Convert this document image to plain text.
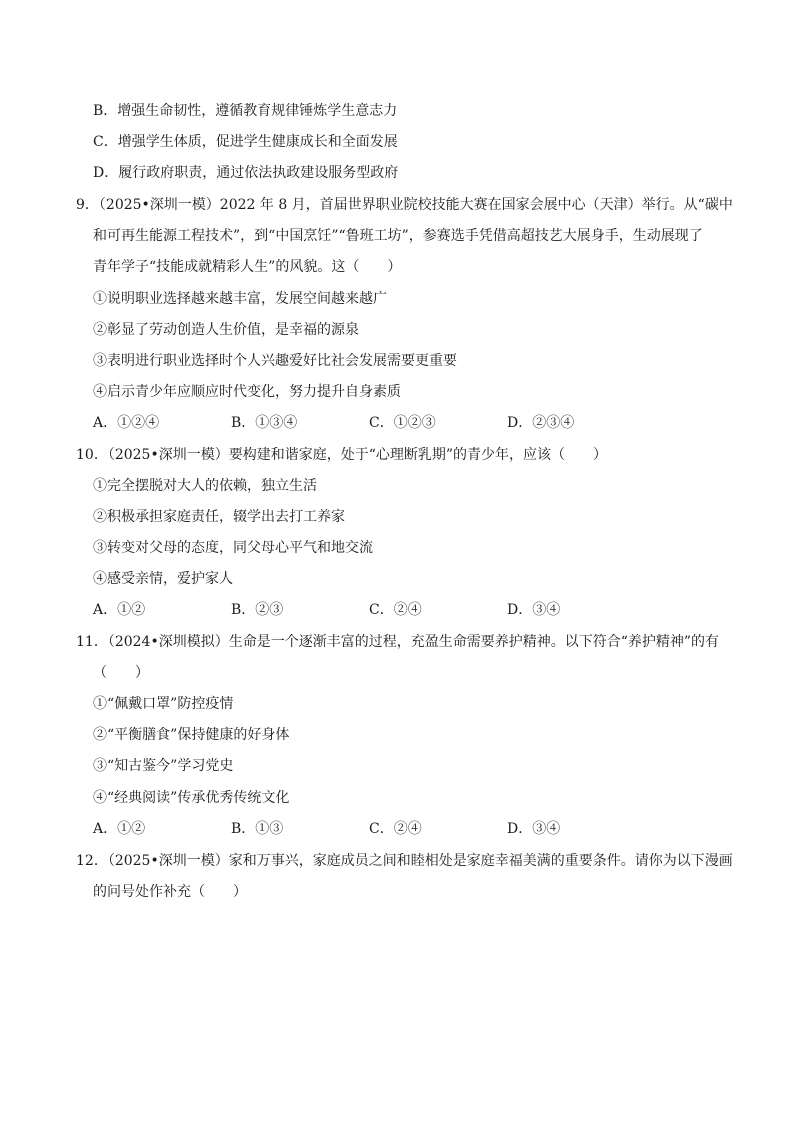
B．增强生命韧性，遵循教育规律锤炼学生意志力
C．增强学生体质，促进学生健康成长和全面发展
D．履行政府职责，通过依法执政建设服务型政府
9．（2025•深圳一模）2022 年 8 月，首届世界职业院校技能大赛在国家会展中心（天津）举行。从“碳中
和可再生能源工程技术”，到“中国烹饪”“鲁班工坊”，参赛选手凭借高超技艺大展身手，生动展现了
青年学子“技能成就精彩人生”的风貌。这（　　）
①说明职业选择越来越丰富，发展空间越来越广
②彰显了劳动创造人生价值，是幸福的源泉
③表明进行职业选择时个人兴趣爱好比社会发展需要更重要
④启示青少年应顺应时代变化，努力提升自身素质
A．①②④	B．①③④	C．①②③	D．②③④
10．（2025•深圳一模）要构建和谐家庭，处于“心理断乳期”的青少年，应该（　　）
①完全摆脱对大人的依赖，独立生活
②积极承担家庭责任，辍学出去打工养家
③转变对父母的态度，同父母心平气和地交流
④感受亲情，爱护家人
A．①②	B．②③	C．②④	D．③④
11．（2024•深圳模拟）生命是一个逐渐丰富的过程，充盈生命需要养护精神。以下符合“养护精神”的有
（　　）
①“佩戴口罩”防控疫情
②“平衡膳食”保持健康的好身体
③“知古鉴今”学习党史
④“经典阅读”传承优秀传统文化
A．①②	B．①③	C．②④	D．③④
12．（2025•深圳一模）家和万事兴，家庭成员之间和睦相处是家庭幸福美满的重要条件。请你为以下漫画
的问号处作补充（　　）
